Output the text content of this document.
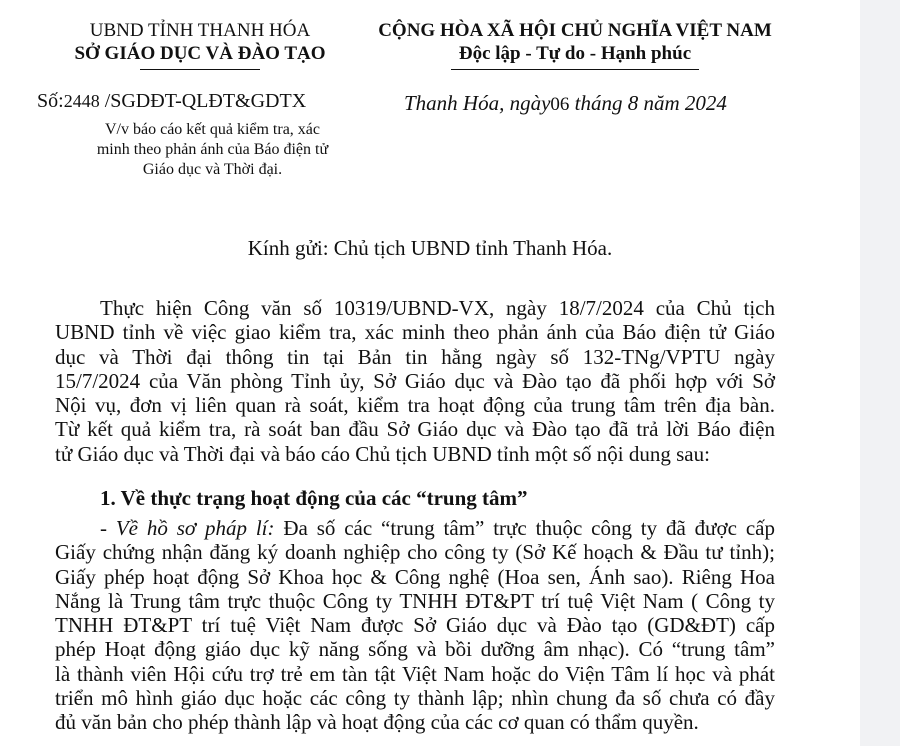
UBND TỈNH THANH HÓA
SỞ GIÁO DỤC VÀ ĐÀO TẠO
Số:2448 /SGDĐT-QLĐT&GDTX
V/v báo cáo kết quả kiểm tra, xác
minh theo phản ánh của Báo điện tử
Giáo dục và Thời đại.
CỘNG HÒA XÃ HỘI CHỦ NGHĨA VIỆT NAM
Độc lập - Tự do - Hạnh phúc
Thanh Hóa, ngày06 tháng 8 năm 2024
Kính gửi: Chủ tịch UBND tỉnh Thanh Hóa.
Thực hiện Công văn số 10319/UBND-VX, ngày 18/7/2024 của Chủ tịch
UBND tỉnh về việc giao kiểm tra, xác minh theo phản ánh của Báo điện tử Giáo
dục và Thời đại thông tin tại Bản tin hằng ngày số 132-TNg/VPTU ngày
15/7/2024 của Văn phòng Tỉnh ủy, Sở Giáo dục và Đào tạo đã phối hợp với Sở
Nội vụ, đơn vị liên quan rà soát, kiểm tra hoạt động của trung tâm trên địa bàn.
Từ kết quả kiểm tra, rà soát ban đầu Sở Giáo dục và Đào tạo đã trả lời Báo điện
tử Giáo dục và Thời đại và báo cáo Chủ tịch UBND tỉnh một số nội dung sau:
1. Về thực trạng hoạt động của các “trung tâm”
- Về hồ sơ pháp lí: Đa số các “trung tâm” trực thuộc công ty đã được cấp
Giấy chứng nhận đăng ký doanh nghiệp cho công ty (Sở Kế hoạch & Đầu tư tỉnh);
Giấy phép hoạt động Sở Khoa học & Công nghệ (Hoa sen, Ánh sao). Riêng Hoa
Nắng là Trung tâm trực thuộc Công ty TNHH ĐT&PT trí tuệ Việt Nam ( Công ty
TNHH ĐT&PT trí tuệ Việt Nam được Sở Giáo dục và Đào tạo (GD&ĐT) cấp
phép Hoạt động giáo dục kỹ năng sống và bồi dưỡng âm nhạc). Có “trung tâm”
là thành viên Hội cứu trợ trẻ em tàn tật Việt Nam hoặc do Viện Tâm lí học và phát
triển mô hình giáo dục hoặc các công ty thành lập; nhìn chung đa số chưa có đầy
đủ văn bản cho phép thành lập và hoạt động của các cơ quan có thẩm quyền.
